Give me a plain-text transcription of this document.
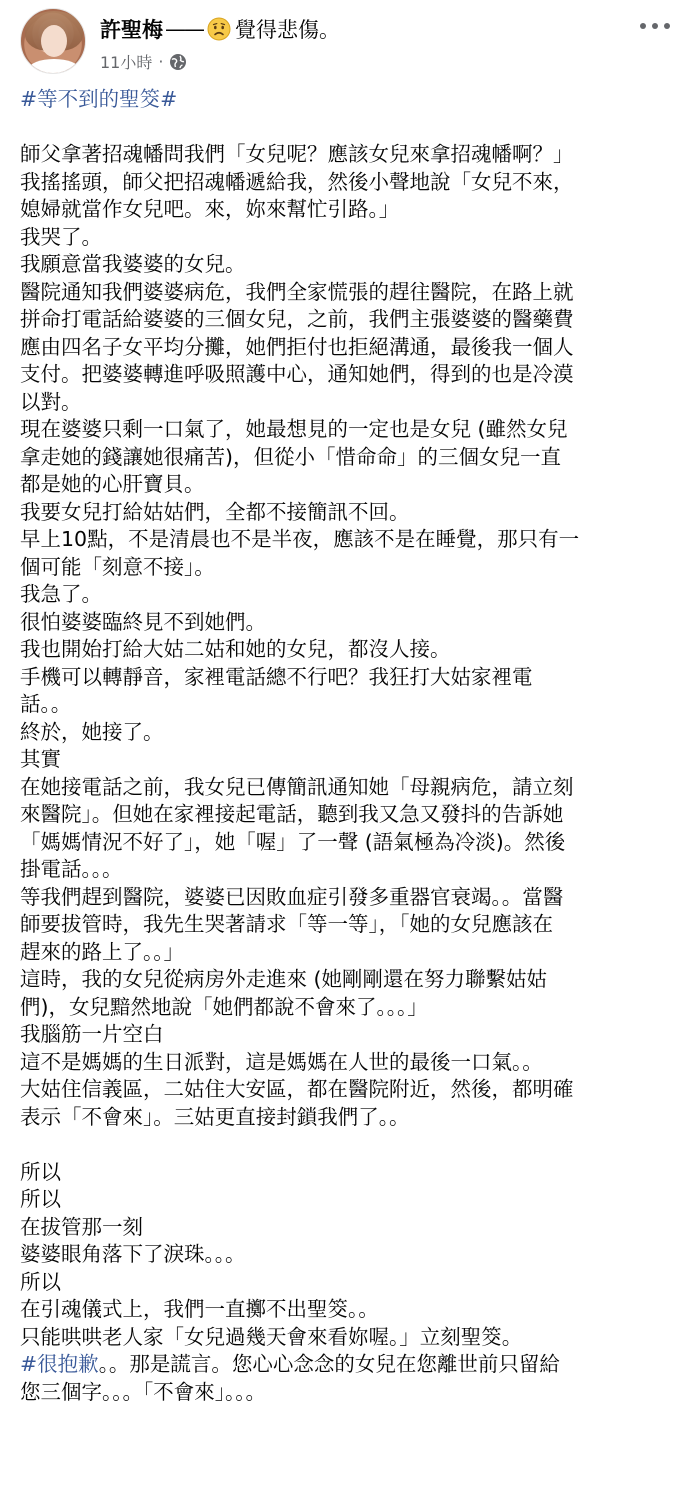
許聖梅 —— 覺得悲傷。
11小時 ·
#等不到的聖筊#
師父拿著招魂幡問我們「女兒呢？應該女兒來拿招魂幡啊？」
我搖搖頭，師父把招魂幡遞給我，然後小聲地說「女兒不來，
媳婦就當作女兒吧。來，妳來幫忙引路。」
我哭了。
我願意當我婆婆的女兒。
醫院通知我們婆婆病危，我們全家慌張的趕往醫院，在路上就
拼命打電話給婆婆的三個女兒，之前，我們主張婆婆的醫藥費
應由四名子女平均分攤，她們拒付也拒絕溝通，最後我一個人
支付。把婆婆轉進呼吸照護中心，通知她們，得到的也是冷漠
以對。
現在婆婆只剩一口氣了，她最想見的一定也是女兒 (雖然女兒
拿走她的錢讓她很痛苦)，但從小「惜命命」的三個女兒一直
都是她的心肝寶貝。
我要女兒打給姑姑們，全都不接簡訊不回。
早上10點，不是清晨也不是半夜，應該不是在睡覺，那只有一
個可能「刻意不接」。
我急了。
很怕婆婆臨終見不到她們。
我也開始打給大姑二姑和她的女兒，都沒人接。
手機可以轉靜音，家裡電話總不行吧？我狂打大姑家裡電
話。。
終於，她接了。
其實
在她接電話之前，我女兒已傳簡訊通知她「母親病危，請立刻
來醫院」。但她在家裡接起電話，聽到我又急又發抖的告訴她
「媽媽情況不好了」，她「喔」了一聲 (語氣極為冷淡)。然後
掛電話。。。
等我們趕到醫院，婆婆已因敗血症引發多重器官衰竭。。當醫
師要拔管時，我先生哭著請求「等一等」，「她的女兒應該在
趕來的路上了。。」
這時，我的女兒從病房外走進來 (她剛剛還在努力聯繫姑姑
們)，女兒黯然地說「她們都說不會來了。。。」
我腦筋一片空白
這不是媽媽的生日派對，這是媽媽在人世的最後一口氣。。
大姑住信義區，二姑住大安區，都在醫院附近，然後，都明確
表示「不會來」。三姑更直接封鎖我們了。。
所以
所以
在拔管那一刻
婆婆眼角落下了淚珠。。。
所以
在引魂儀式上，我們一直擲不出聖筊。。
只能哄哄老人家「女兒過幾天會來看妳喔。」立刻聖筊。
#很抱歉。。那是謊言。您心心念念的女兒在您離世前只留給
您三個字。。。「不會來」。。。
